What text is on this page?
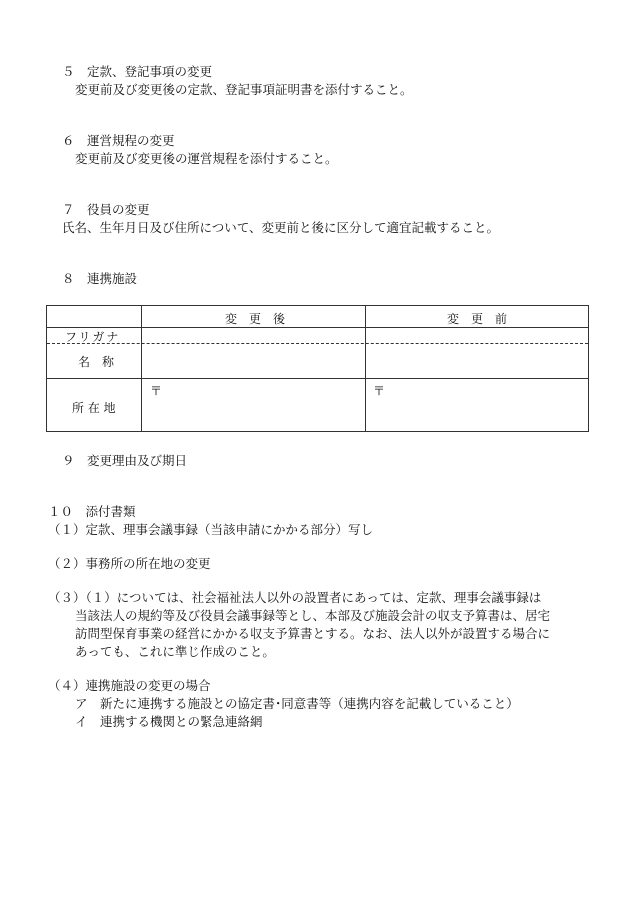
５　定款、登記事項の変更
変更前及び変更後の定款、登記事項証明書を添付すること。
６　運営規程の変更
変更前及び変更後の運営規程を添付すること。
７　役員の変更
氏名、生年月日及び住所について、変更前と後に区分して適宜記載すること。
８　連携施設
変　更　後	変　更　前
フリガナ
名　称
所 在 地
〒	〒
９　変更理由及び期日
１０　添付書類
（１）定款、理事会議事録（当該申請にかかる部分）写し
（２）事務所の所在地の変更
（３）（１）については、社会福祉法人以外の設置者にあっては、定款、理事会議事録は
当該法人の規約等及び役員会議事録等とし、本部及び施設会計の収支予算書は、居宅
訪問型保育事業の経営にかかる収支予算書とする。なお、法人以外が設置する場合に
あっても、これに準じ作成のこと。
（４）連携施設の変更の場合
ア　新たに連携する施設との協定書･同意書等（連携内容を記載していること）
イ　連携する機関との緊急連絡網
